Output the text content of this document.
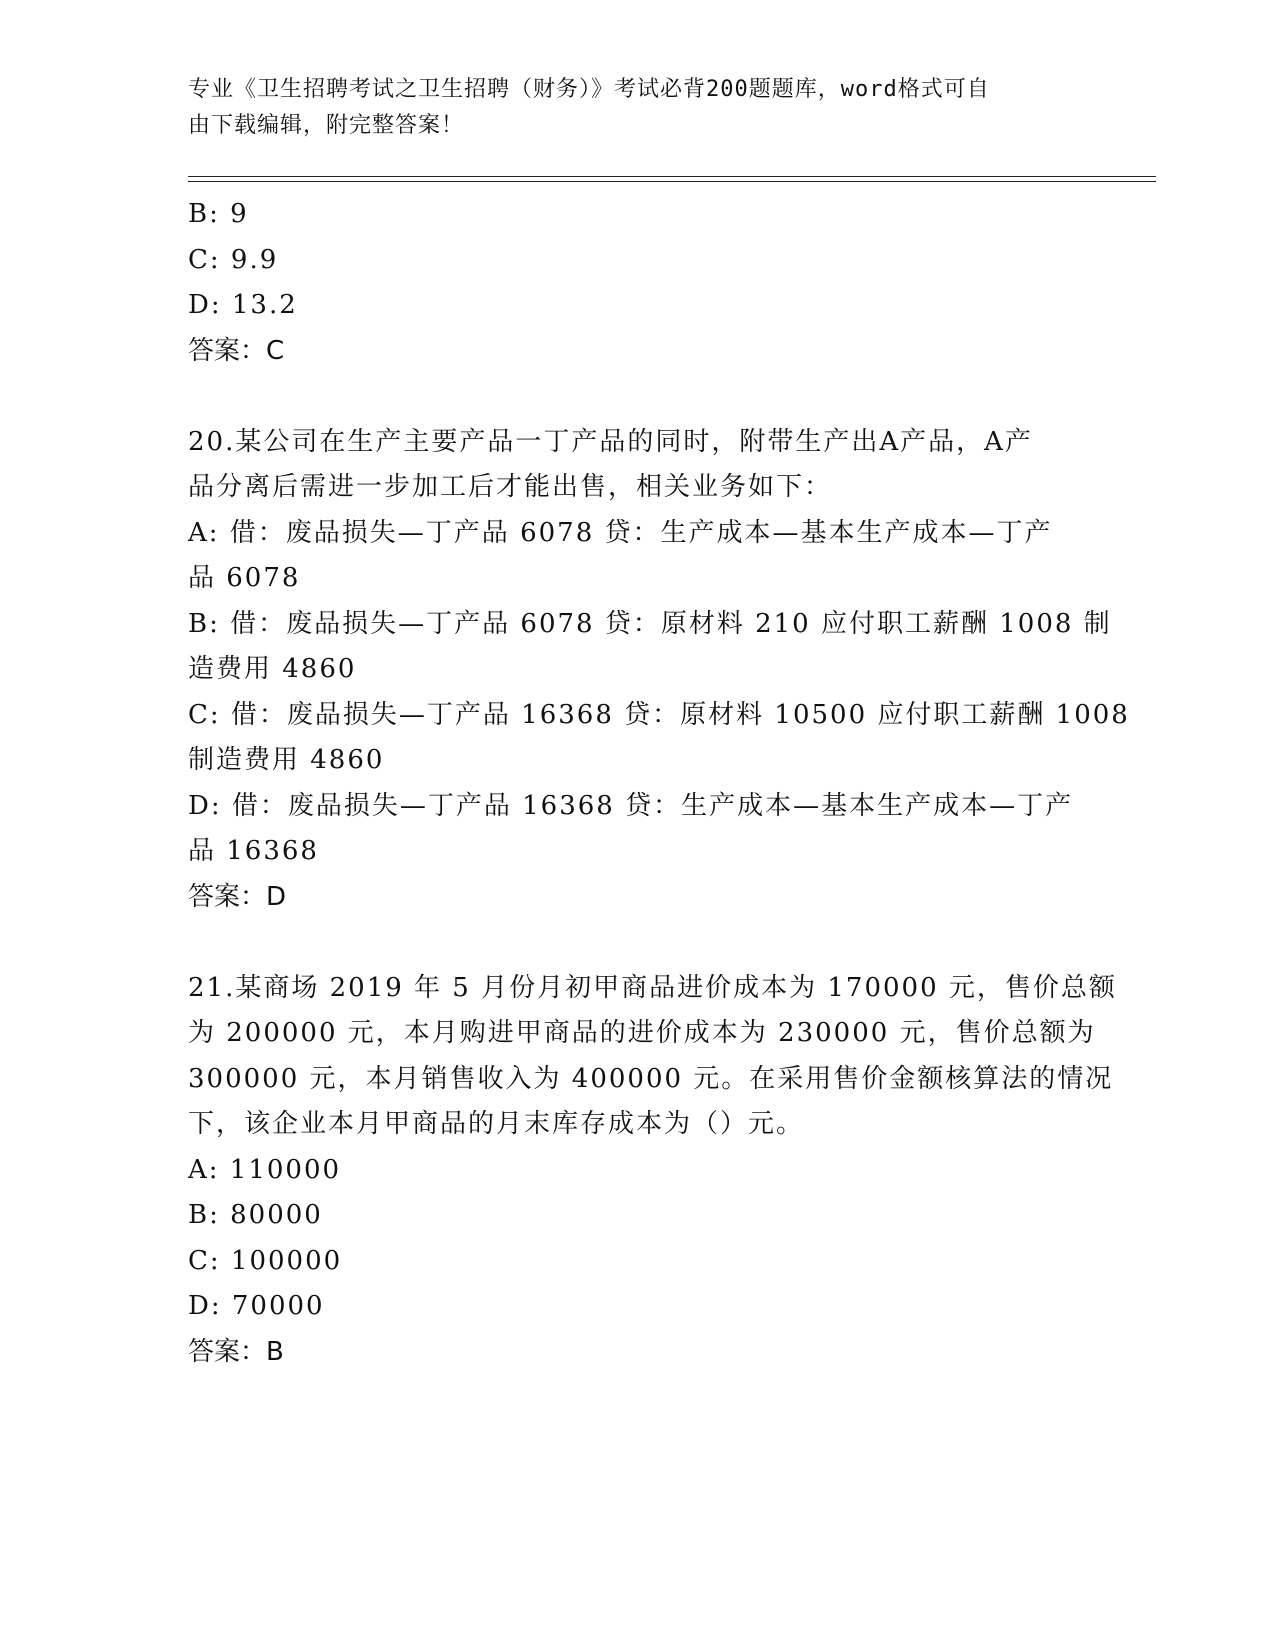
专业《卫生招聘考试之卫生招聘（财务）》考试必背200题题库，word格式可自
由下载编辑，附完整答案！
B: 9
C: 9.9
D: 13.2
答案：C
20.某公司在生产主要产品一丁产品的同时，附带生产出A产品，A产
品分离后需进一步加工后才能出售，相关业务如下：
A: 借：废品损失—丁产品 6078 贷：生产成本—基本生产成本—丁产
品 6078
B: 借：废品损失—丁产品 6078 贷：原材料 210 应付职工薪酬 1008 制
造费用 4860
C: 借：废品损失—丁产品 16368 贷：原材料 10500 应付职工薪酬 1008
制造费用 4860
D: 借：废品损失—丁产品 16368 贷：生产成本—基本生产成本—丁产
品 16368
答案：D
21.某商场 2019 年 5 月份月初甲商品进价成本为 170000 元，售价总额
为 200000 元，本月购进甲商品的进价成本为 230000 元，售价总额为
300000 元，本月销售收入为 400000 元。在采用售价金额核算法的情况
下，该企业本月甲商品的月末库存成本为（）元。
A: 110000
B: 80000
C: 100000
D: 70000
答案：B
